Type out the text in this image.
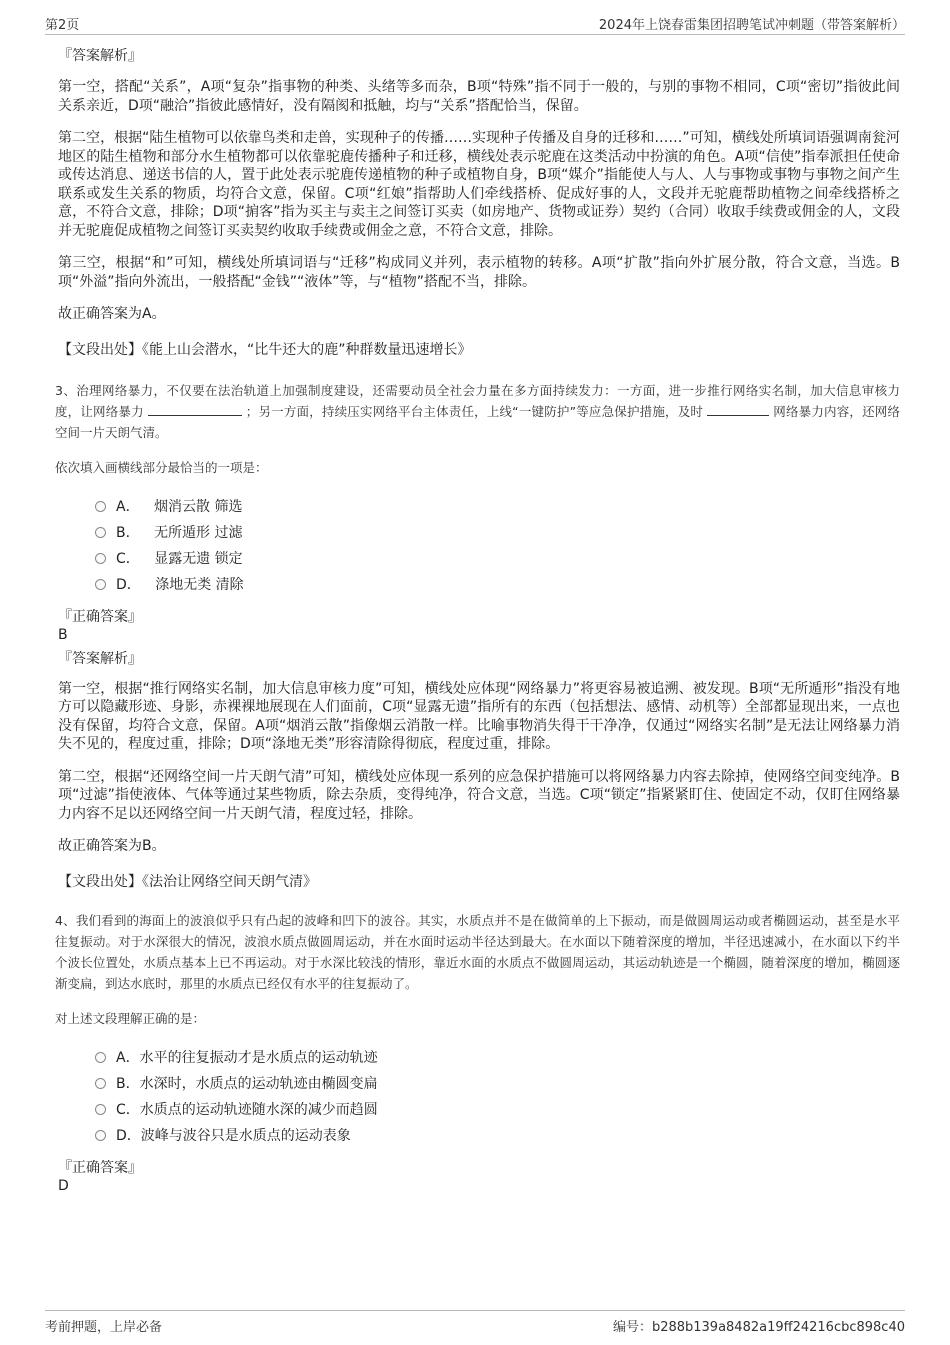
第2页	2024年上饶春雷集团招聘笔试冲刺题（带答案解析）
『答案解析』

第一空，搭配“关系”，A项“复杂”指事物的种类、头绪等多而杂，B项“特殊”指不同于一般的，与别的事物不相同，C项“密切”指彼此间关系亲近，D项“融洽”指彼此感情好，没有隔阂和抵触，均与“关系”搭配恰当，保留。

第二空，根据“陆生植物可以依靠鸟类和走兽，实现种子的传播……实现种子传播及自身的迁移和……”可知，横线处所填词语强调南瓮河地区的陆生植物和部分水生植物都可以依靠驼鹿传播种子和迁移，横线处表示驼鹿在这类活动中扮演的角色。A项“信使”指奉派担任使命或传达消息、递送书信的人，置于此处表示驼鹿传递植物的种子或植物自身，B项“媒介”指能使人与人、人与事物或事物与事物之间产生联系或发生关系的物质，均符合文意，保留。C项“红娘”指帮助人们牵线搭桥、促成好事的人，文段并无驼鹿帮助植物之间牵线搭桥之意，不符合文意，排除；D项“掮客”指为买主与卖主之间签订买卖（如房地产、货物或证券）契约（合同）收取手续费或佣金的人，文段并无驼鹿促成植物之间签订买卖契约收取手续费或佣金之意，不符合文意，排除。

第三空，根据“和”可知，横线处所填词语与“迁移”构成同义并列，表示植物的转移。A项“扩散”指向外扩展分散，符合文意，当选。B项“外溢”指向外流出，一般搭配“金钱”“液体”等，与“植物”搭配不当，排除。

故正确答案为A。

【文段出处】《能上山会潜水，“比牛还大的鹿”种群数量迅速增长》
3、治理网络暴力，不仅要在法治轨道上加强制度建设，还需要动员全社会力量在多方面持续发力：一方面，进一步推行网络实名制，加大信息审核力度，让网络暴力	；另一方面，持续压实网络平台主体责任，上线“一键防护”等应急保护措施，及时	网络暴力内容，还网络空间一片天朗气清。
依次填入画横线部分最恰当的一项是：
A． 烟消云散 筛选
B． 无所遁形 过滤
C． 显露无遗 锁定
D． 涤地无类 清除
『正确答案』
B
『答案解析』

第一空，根据“推行网络实名制，加大信息审核力度”可知，横线处应体现“网络暴力”将更容易被追溯、被发现。B项“无所遁形”指没有地方可以隐藏形迹、身影，赤裸裸地展现在人们面前，C项“显露无遗”指所有的东西（包括想法、感情、动机等）全部都显现出来，一点也没有保留，均符合文意，保留。A项“烟消云散”指像烟云消散一样。比喻事物消失得干干净净，仅通过“网络实名制”是无法让网络暴力消失不见的，程度过重，排除；D项“涤地无类”形容清除得彻底，程度过重，排除。

第二空，根据“还网络空间一片天朗气清”可知，横线处应体现一系列的应急保护措施可以将网络暴力内容去除掉，使网络空间变纯净。B项“过滤”指使液体、气体等通过某些物质，除去杂质，变得纯净，符合文意，当选。C项“锁定”指紧紧盯住、使固定不动，仅盯住网络暴力内容不足以还网络空间一片天朗气清，程度过轻，排除。

故正确答案为B。

【文段出处】《法治让网络空间天朗气清》
4、我们看到的海面上的波浪似乎只有凸起的波峰和凹下的波谷。其实，水质点并不是在做简单的上下振动，而是做圆周运动或者椭圆运动，甚至是水平往复振动。对于水深很大的情况，波浪水质点做圆周运动，并在水面时运动半径达到最大。在水面以下随着深度的增加，半径迅速减小，在水面以下约半个波长位置处，水质点基本上已不再运动。对于水深比较浅的情形，靠近水面的水质点不做圆周运动，其运动轨迹是一个椭圆，随着深度的增加，椭圆逐渐变扁，到达水底时，那里的水质点已经仅有水平的往复振动了。
对上述文段理解正确的是：
A．水平的往复振动才是水质点的运动轨迹
B．水深时，水质点的运动轨迹由椭圆变扁
C．水质点的运动轨迹随水深的减少而趋圆
D．波峰与波谷只是水质点的运动表象
『正确答案』
D
考前押题，上岸必备	编号：b288b139a8482a19ff24216cbc898c40
